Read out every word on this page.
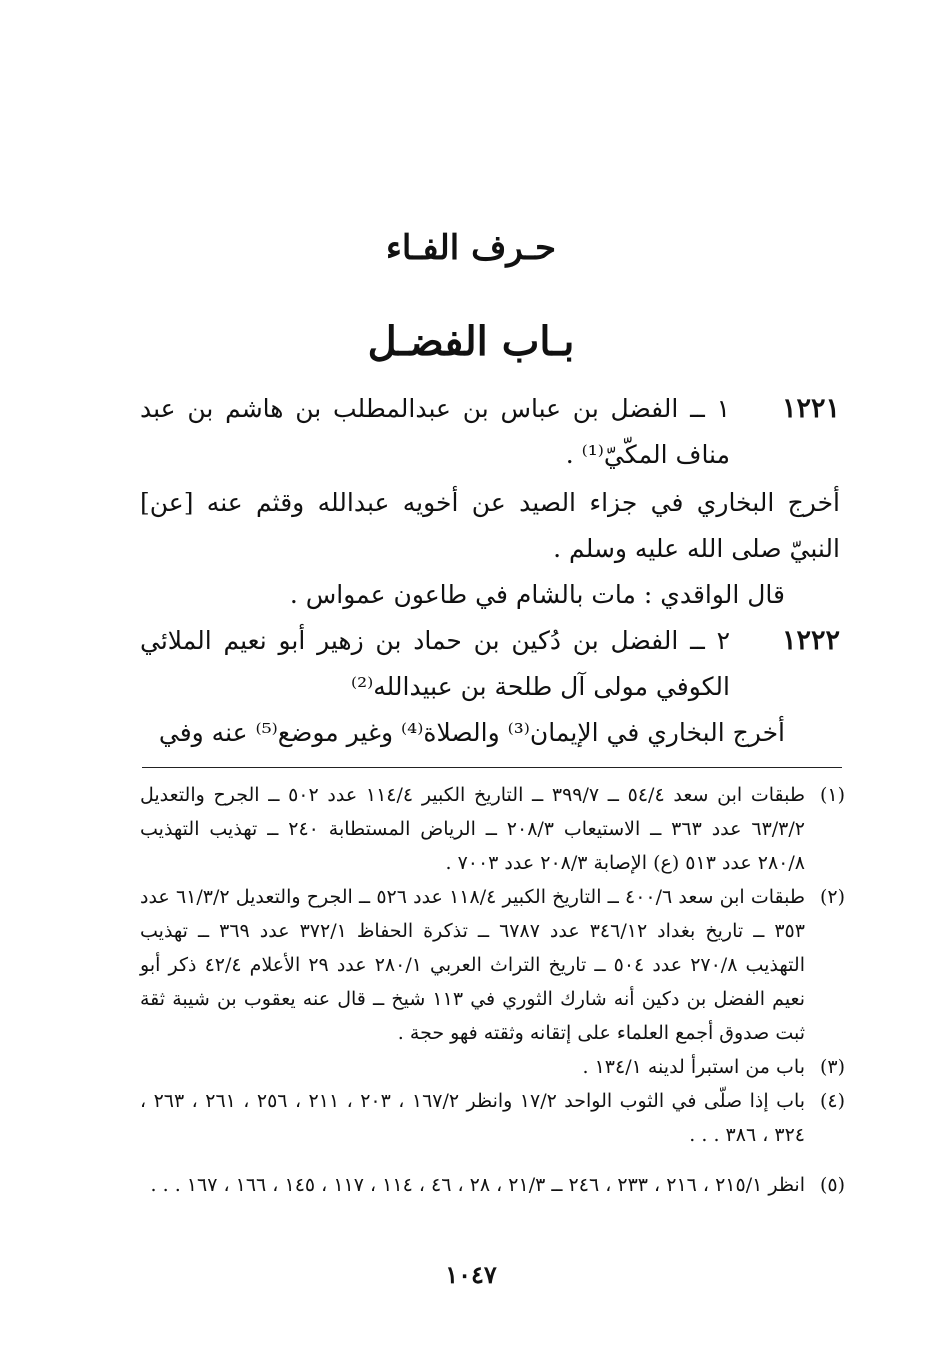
حـرف الفـاء
بـاب الفضـل
١٢٢١
١ ــ الفضل بن عباس بن عبدالمطلب بن هاشم بن عبد مناف المكّيّ⁽¹⁾ .
أخرج البخاري في جزاء الصيد عن أخويه عبدالله وقثم عنه [عن] النبيّ صلى الله عليه وسلم .
قال الواقدي : مات بالشام في طاعون عمواس .
١٢٢٢
٢ ــ الفضل بن دُكين بن حماد بن زهير أبو نعيم الملائي الكوفي مولى آل طلحة بن عبيدالله⁽²⁾
أخرج البخاري في الإيمان⁽³⁾ والصلاة⁽⁴⁾ وغير موضع⁽⁵⁾ عنه وفي
(١)
طبقات ابن سعد ٥٤/٤ ــ ٣٩٩/٧ ــ التاريخ الكبير ١١٤/٤ عدد ٥٠٢ ــ الجرح والتعديل ٦٣/٣/٢ عدد ٣٦٣ ــ الاستيعاب ٢٠٨/٣ ــ الرياض المستطابة ٢٤٠ ــ تهذيب التهذيب ٢٨٠/٨ عدد ٥١٣ (ع) الإصابة ٢٠٨/٣ عدد ٧٠٠٣ .
(٢)
طبقات ابن سعد ٤٠٠/٦ ــ التاريخ الكبير ١١٨/٤ عدد ٥٢٦ ــ الجرح والتعديل ٦١/٣/٢ عدد ٣٥٣ ــ تاريخ بغداد ٣٤٦/١٢ عدد ٦٧٨٧ ــ تذكرة الحفاظ ٣٧٢/١ عدد ٣٦٩ ــ تهذيب التهذيب ٢٧٠/٨ عدد ٥٠٤ ــ تاريخ التراث العربي ٢٨٠/١ عدد ٢٩ الأعلام ٤٢/٤ ذكر أبو نعيم الفضل بن دكين أنه شارك الثوري في ١١٣ شيخ ــ قال عنه يعقوب بن شيبة ثقة ثبت صدوق أجمع العلماء على إتقانه وثقته فهو حجة .
(٣)
باب من استبرأ لدينه ١٣٤/١ .
(٤)
باب إذا صلّى في الثوب الواحد ١٧/٢ وانظر ١٦٧/٢ ، ٢٠٣ ، ٢١١ ، ٢٥٦ ، ٢٦١ ، ٢٦٣ ، ٣٢٤ ، ٣٨٦ . . .
(٥)
انظر ٢١٥/١ ، ٢١٦ ، ٢٣٣ ، ٢٤٦ ــ ٢١/٣ ، ٢٨ ، ٤٦ ، ١١٤ ، ١١٧ ، ١٤٥ ، ١٦٦ ، ١٦٧ . . .
١٠٤٧
